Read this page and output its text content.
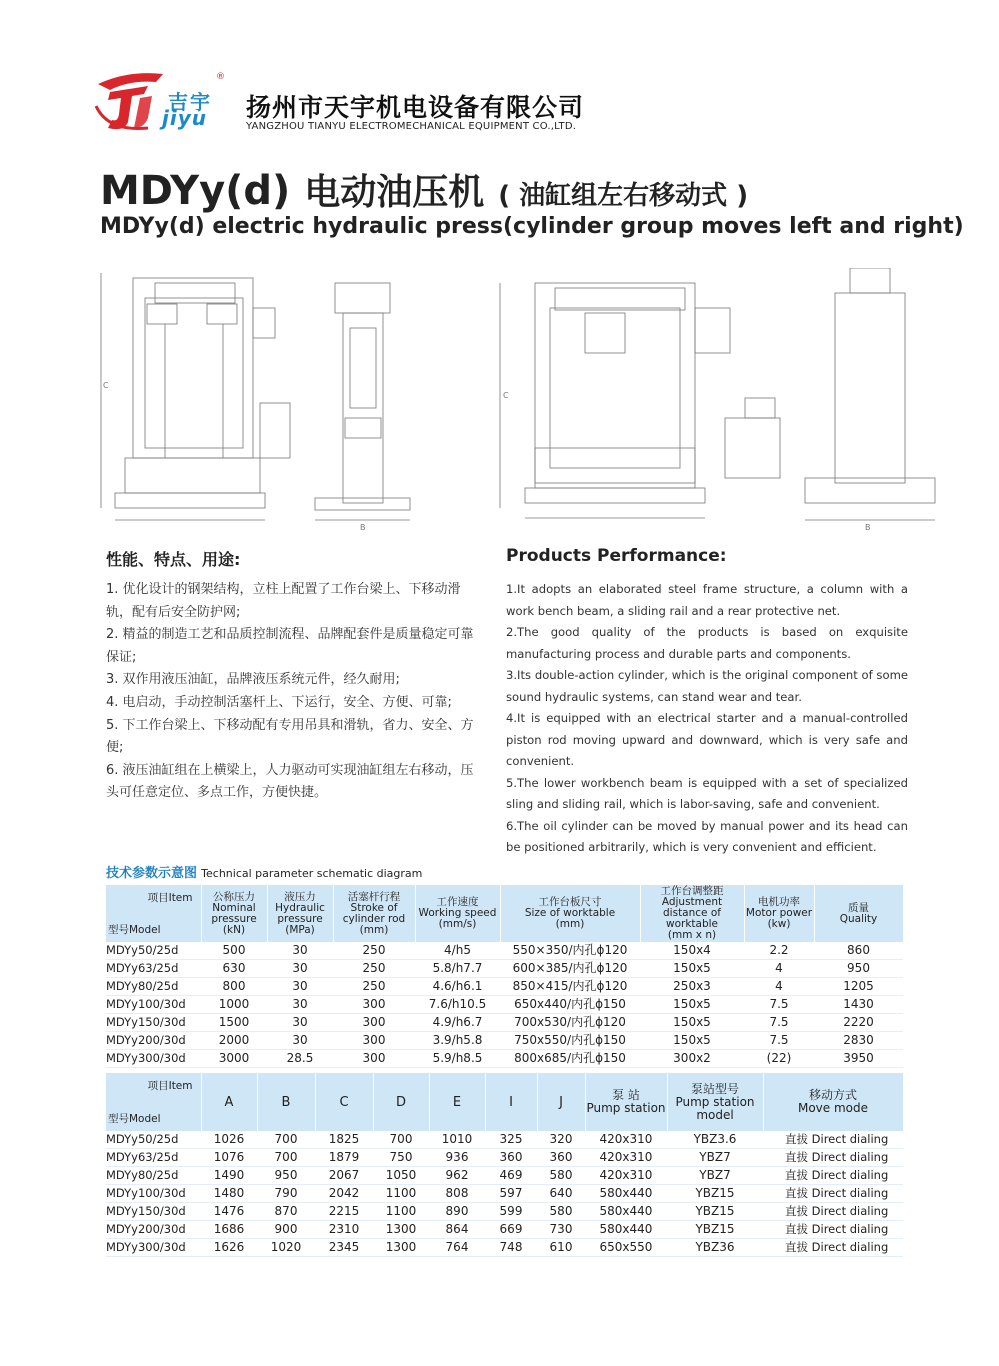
吉宇
jiyu
®
扬州市天宇机电设备有限公司
YANGZHOU TIANYU ELECTROMECHANICAL EQUIPMENT CO.,LTD.
MDYy(d) 电动油压机 ( 油缸组左右移动式 )
MDYy(d) electric hydraulic press(cylinder group moves left and right)
C
B
C
B
性能、特点、用途:

1. 优化设计的钢架结构，立柱上配置了工作台梁上、下移动滑轨，配有后安全防护网;

2. 精益的制造工艺和品质控制流程、品牌配套件是质量稳定可靠保证;

3. 双作用液压油缸，品牌液压系统元件，经久耐用;

4. 电启动，手动控制活塞杆上、下运行，安全、方便、可靠;

5. 下工作台梁上、下移动配有专用吊具和滑轨，省力、安全、方便;

6. 液压油缸组在上横梁上，人力驱动可实现油缸组左右移动，压头可任意定位、多点工作，方便快捷。

Products Performance:

1.It adopts an elaborated steel frame structure, a column with a work bench beam, a sliding rail and a rear protective net.

2.The good quality of the products is based on exquisite manufacturing process and durable parts and components.

3.Its double-action cylinder, which is the original component of some sound hydraulic systems, can stand wear and tear.

4.It is equipped with an electrical starter and a manual-controlled piston rod moving upward and downward, which is very safe and convenient.

5.The lower workbench beam is equipped with a set of specialized sling and sliding rail, which is labor-saving, safe and convenient.

6.The oil cylinder can be moved by manual power and its head can be positioned arbitrarily, which is very convenient and efficient.

技术参数示意图 Technical parameter schematic diagram
项目Item
型号Model	公称压力
Nominal pressure
(kN)	液压力
Hydraulic pressure
(MPa)	活塞杆行程
Stroke of cylinder rod
(mm)	工作速度
Working speed
(mm/s)	工作台板尺寸
Size of worktable
(mm)	工作台调整距
Adjustment distance of worktable
(mm x n)	电机功率
Motor power
(kw)	质量
Quality
MDYy50/25d	500	30	250	4/h5	550×350/内孔ɸ120	150x4	2.2	860
MDYy63/25d	630	30	250	5.8/h7.7	600×385/内孔ɸ120	150x5	4	950
MDYy80/25d	800	30	250	4.6/h6.1	850×415/内孔ɸ120	250x3	4	1205
MDYy100/30d	1000	30	300	7.6/h10.5	650x440/内孔ɸ150	150x5	7.5	1430
MDYy150/30d	1500	30	300	4.9/h6.7	700x530/内孔ɸ120	150x5	7.5	2220
MDYy200/30d	2000	30	300	3.9/h5.8	750x550/内孔ɸ150	150x5	7.5	2830
MDYy300/30d	3000	28.5	300	5.9/h8.5	800x685/内孔ɸ150	300x2	(22)	3950
项目Item
型号Model	A	B	C	D	E	I	J	泵 站
Pump station	泵站型号
Pump station model	移动方式
Move mode
MDYy50/25d	1026	700	1825	700	1010	325	320	420x310	YBZ3.6	直拔 Direct dialing
MDYy63/25d	1076	700	1879	750	936	360	360	420x310	YBZ7	直拔 Direct dialing
MDYy80/25d	1490	950	2067	1050	962	469	580	420x310	YBZ7	直拔 Direct dialing
MDYy100/30d	1480	790	2042	1100	808	597	640	580x440	YBZ15	直拔 Direct dialing
MDYy150/30d	1476	870	2215	1100	890	599	580	580x440	YBZ15	直拔 Direct dialing
MDYy200/30d	1686	900	2310	1300	864	669	730	580x440	YBZ15	直拔 Direct dialing
MDYy300/30d	1626	1020	2345	1300	764	748	610	650x550	YBZ36	直拔 Direct dialing
